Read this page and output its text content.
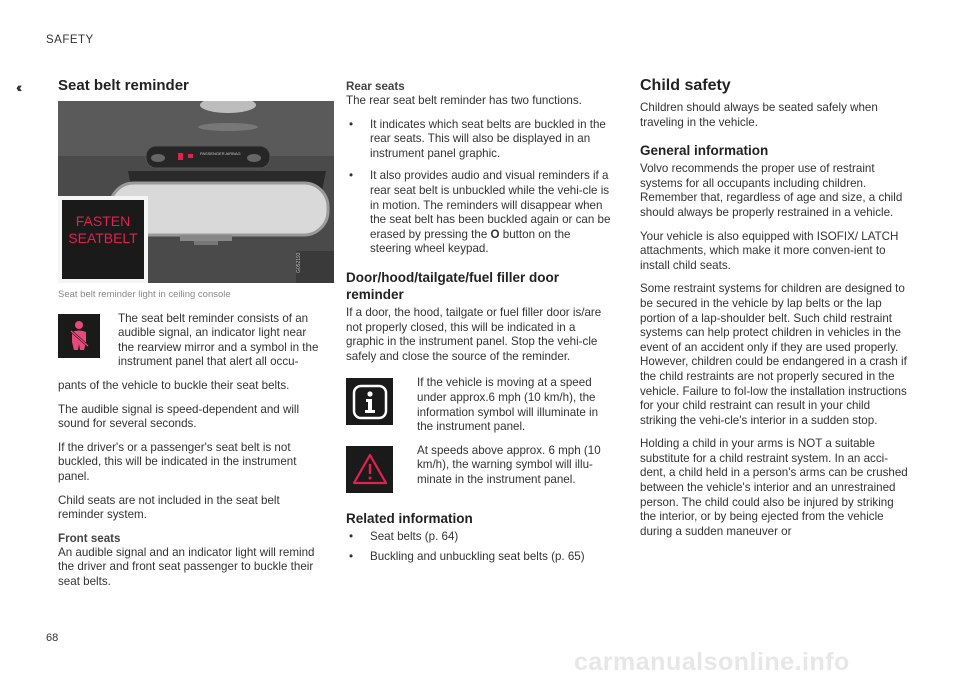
SAFETY
‹‹	Seat belt reminder
PASSENGER AIRBAG
G052193
FASTEN
SEATBELT
Seat belt reminder light in ceiling console

The seat belt reminder consists of an audible signal, an indicator light near the rearview mirror and a symbol in the instrument panel that alert all occu-

pants of the vehicle to buckle their seat belts.

The audible signal is speed-dependent and will sound for several seconds.

If the driver's or a passenger's seat belt is not buckled, this will be indicated in the instrument panel.

Child seats are not included in the seat belt reminder system.

Front seats

An audible signal and an indicator light will remind the driver and front seat passenger to buckle their seat belts.

Rear seats

The rear seat belt reminder has two functions.

• It indicates which seat belts are buckled in the rear seats. This will also be displayed in an instrument panel graphic.
• It also provides audio and visual reminders if a rear seat belt is unbuckled while the vehi-cle is in motion. The reminders will disappear when the seat belt has been buckled again or can be erased by pressing the O button on the steering wheel keypad.
Door/hood/tailgate/fuel filler door reminder

If a door, the hood, tailgate or fuel filler door is/are not properly closed, this will be indicated in a graphic in the instrument panel. Stop the vehi-cle safely and close the source of the reminder.

If the vehicle is moving at a speed under approx.6 mph (10 km/h), the information symbol will illuminate in the instrument panel.

At speeds above approx. 6 mph (10 km/h), the warning symbol will illu-minate in the instrument panel.

Related information
• Seat belts (p. 64)
• Buckling and unbuckling seat belts (p. 65)
Child safety

Children should always be seated safely when traveling in the vehicle.

General information

Volvo recommends the proper use of restraint systems for all occupants including children. Remember that, regardless of age and size, a child should always be properly restrained in a vehicle.

Your vehicle is also equipped with ISOFIX/ LATCH attachments, which make it more conven-ient to install child seats.

Some restraint systems for children are designed to be secured in the vehicle by lap belts or the lap portion of a lap-shoulder belt. Such child restraint systems can help protect children in vehicles in the event of an accident only if they are used properly. However, children could be endangered in a crash if the child restraints are not properly secured in the vehicle. Failure to fol-low the installation instructions for your child restraint can result in your child striking the vehi-cle's interior in a sudden stop.

Holding a child in your arms is NOT a suitable substitute for a child restraint system. In an acci-dent, a child held in a person's arms can be crushed between the vehicle's interior and an unrestrained person. The child could also be injured by striking the interior, or by being ejected from the vehicle during a sudden maneuver or

68
carmanualsonline.info
